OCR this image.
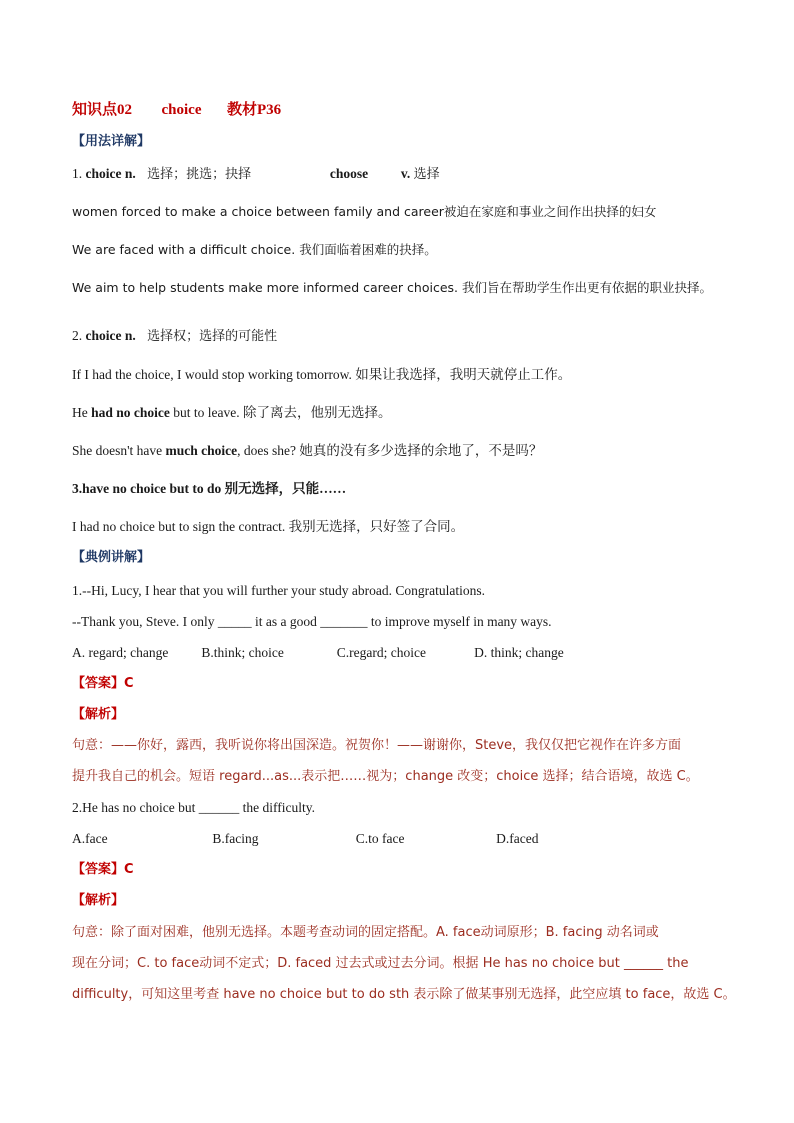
知识点02 choice 教材P36
【用法详解】
1. choice n. 选择；挑选；抉择	choose v. 选择
women forced to make a choice between family and career被迫在家庭和事业之间作出抉择的妇女
We are faced with a difficult choice. 我们面临着困难的抉择。
We aim to help students make more informed career choices. 我们旨在帮助学生作出更有依据的职业抉择。
2. choice n. 选择权；选择的可能性
If I had the choice, I would stop working tomorrow. 如果让我选择，我明天就停止工作。
He had no choice but to leave. 除了离去，他别无选择。
She doesn't have much choice, does she? 她真的没有多少选择的余地了，不是吗？
3.have no choice but to do 别无选择，只能……
I had no choice but to sign the contract. 我别无选择，只好签了合同。
【典例讲解】
1.--Hi, Lucy, I hear that you will further your study abroad. Congratulations.
--Thank you, Steve. I only _____ it as a good _______ to improve myself in many ways.
A. regard; change B.think; choice	C.regard; choice	D. think; change
【答案】C
【解析】
句意：——你好，露西，我听说你将出国深造。祝贺你！——谢谢你，Steve，我仅仅把它视作在许多方面
提升我自己的机会。短语 regard...as...表示把……视为；change 改变；choice 选择；结合语境，故选 C。
2.He has no choice but ______ the difficulty.
A.face	B.facing	C.to face	D.faced
【答案】C
【解析】
句意：除了面对困难，他别无选择。本题考查动词的固定搭配。A. face动词原形；B. facing 动名词或
现在分词；C. to face动词不定式；D. faced 过去式或过去分词。根据 He has no choice but ______ the
difficulty，可知这里考查 have no choice but to do sth 表示除了做某事别无选择，此空应填 to face，故选 C。
